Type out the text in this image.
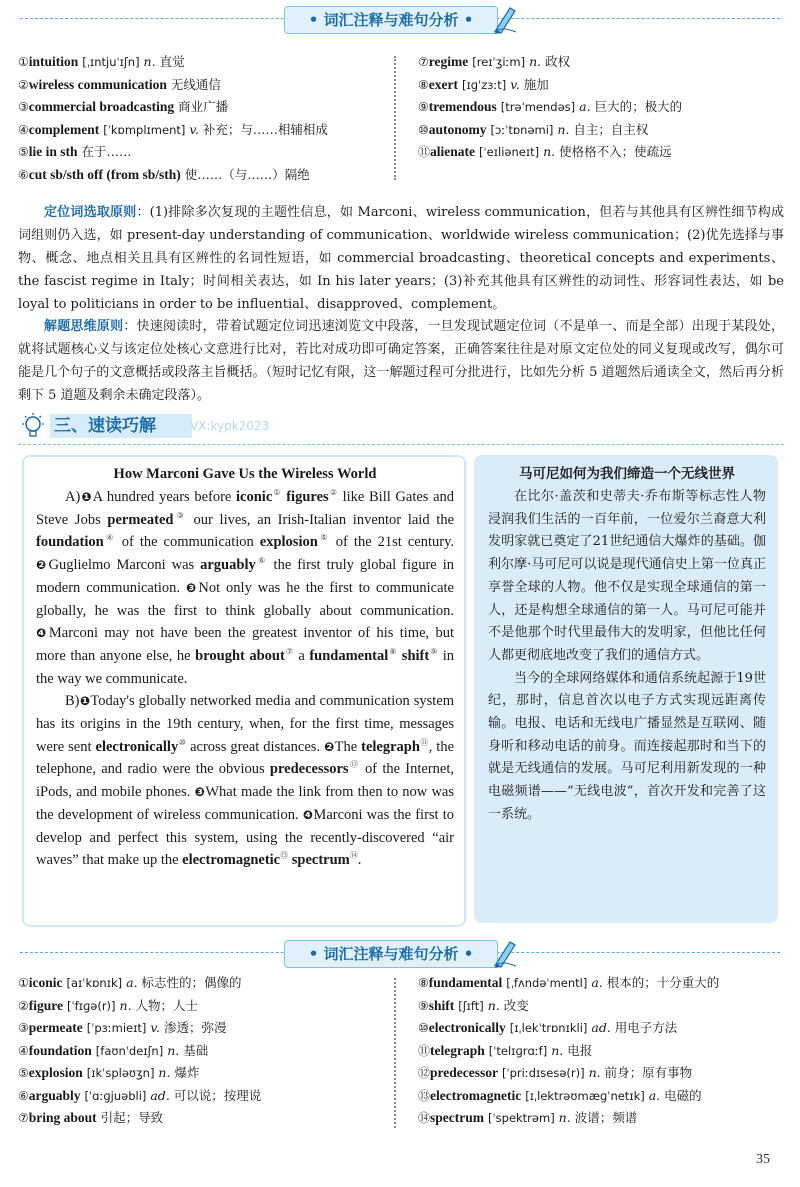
• 词汇注释与难句分析 •
①intuition [ˌɪntjuˈɪʃn] n. 直觉
②wireless communication 无线通信
③commercial broadcasting 商业广播
④complement [ˈkɒmplɪment] v. 补充；与……相辅相成
⑤lie in sth 在于……
⑥cut sb/sth off (from sb/sth) 使……（与……）隔绝
⑦regime [reɪˈʒiːm] n. 政权
⑧exert [ɪɡˈzɜːt] v. 施加
⑨tremendous [trəˈmendəs] a. 巨大的；极大的
⑩autonomy [ɔːˈtɒnəmi] n. 自主；自主权
⑪alienate [ˈeɪliəneɪt] n. 使格格不入；使疏远
定位词选取原则：(1)排除多次复现的主题性信息，如 Marconi、wireless communication，但若与其他具有区辨性细节构成词组则仍入选，如 present-day understanding of communication、worldwide wireless communication；(2)优先选择与事物、概念、地点相关且具有区辨性的名词性短语，如 commercial broadcasting、theoretical concepts and experiments、the fascist regime in Italy；时间相关表达，如 In his later years；(3)补充其他具有区辨性的动词性、形容词性表达，如 be loyal to politicians in order to be influential、disapproved、complement。
解题思维原则：快速阅读时，带着试题定位词迅速浏览文中段落，一旦发现试题定位词（不是单一、而是全部）出现于某段处，就将试题核心义与该定位处核心文意进行比对，若比对成功即可确定答案，正确答案往往是对原文定位处的同义复现或改写，偶尔可能是几个句子的文意概括或段落主旨概括。（短时记忆有限，这一解题过程可分批进行，比如先分析 5 道题然后通读全文，然后再分析剩下 5 道题及剩余未确定段落）。
三、速读巧解	VX:kypk2023
How Marconi Gave Us the Wireless World

A)❶A hundred years before iconic① figures② like Bill Gates and Steve Jobs permeated③ our lives, an Irish-Italian inventor laid the foundation④ of the communication explosion⑤ of the 21st century. ❷Guglielmo Marconi was arguably⑥ the first truly global figure in modern communication. ❸Not only was he the first to communicate globally, he was the first to think globally about communication. ❹Marconi may not have been the greatest inventor of his time, but more than anyone else, he brought about⑦ a fundamental⑧ shift⑨ in the way we communicate.

B)❶Today's globally networked media and communication system has its origins in the 19th century, when, for the first time, messages were sent electronically⑩ across great distances. ❷The telegraph⑪, the telephone, and radio were the obvious predecessors⑫ of the Internet, iPods, and mobile phones. ❸What made the link from then to now was the development of wireless communication. ❹Marconi was the first to develop and perfect this system, using the recently-discovered “air waves” that make up the electromagnetic⑬ spectrum⑭.

马可尼如何为我们缔造一个无线世界

在比尔·盖茨和史蒂夫·乔布斯等标志性人物浸润我们生活的一百年前，一位爱尔兰裔意大利发明家就已奠定了21世纪通信大爆炸的基础。伽利尔摩·马可尼可以说是现代通信史上第一位真正享誉全球的人物。他不仅是实现全球通信的第一人，还是构想全球通信的第一人。马可尼可能并不是他那个时代里最伟大的发明家，但他比任何人都更彻底地改变了我们的通信方式。

当今的全球网络媒体和通信系统起源于19世纪，那时，信息首次以电子方式实现远距离传输。电报、电话和无线电广播显然是互联网、随身听和移动电话的前身。而连接起那时和当下的就是无线通信的发展。马可尼利用新发现的一种电磁频谱——“无线电波”，首次开发和完善了这一系统。

• 词汇注释与难句分析 •
①iconic [aɪˈkɒnɪk] a. 标志性的；偶像的
②figure [ˈfɪɡə(r)] n. 人物；人士
③permeate [ˈpɜːmieɪt] v. 渗透；弥漫
④foundation [faʊnˈdeɪʃn] n. 基础
⑤explosion [ɪkˈspləʊʒn] n. 爆炸
⑥arguably [ˈɑːɡjuəbli] ad. 可以说；按理说
⑦bring about 引起；导致
⑧fundamental [ˌfʌndəˈmentl] a. 根本的；十分重大的
⑨shift [ʃɪft] n. 改变
⑩electronically [ɪˌlekˈtrɒnɪkli] ad. 用电子方法
⑪telegraph [ˈtelɪɡrɑːf] n. 电报
⑫predecessor [ˈpriːdɪsesə(r)] n. 前身；原有事物
⑬electromagnetic [ɪˌlektrəʊmæɡˈnetɪk] a. 电磁的
⑭spectrum [ˈspektrəm] n. 波谱；频谱
35
